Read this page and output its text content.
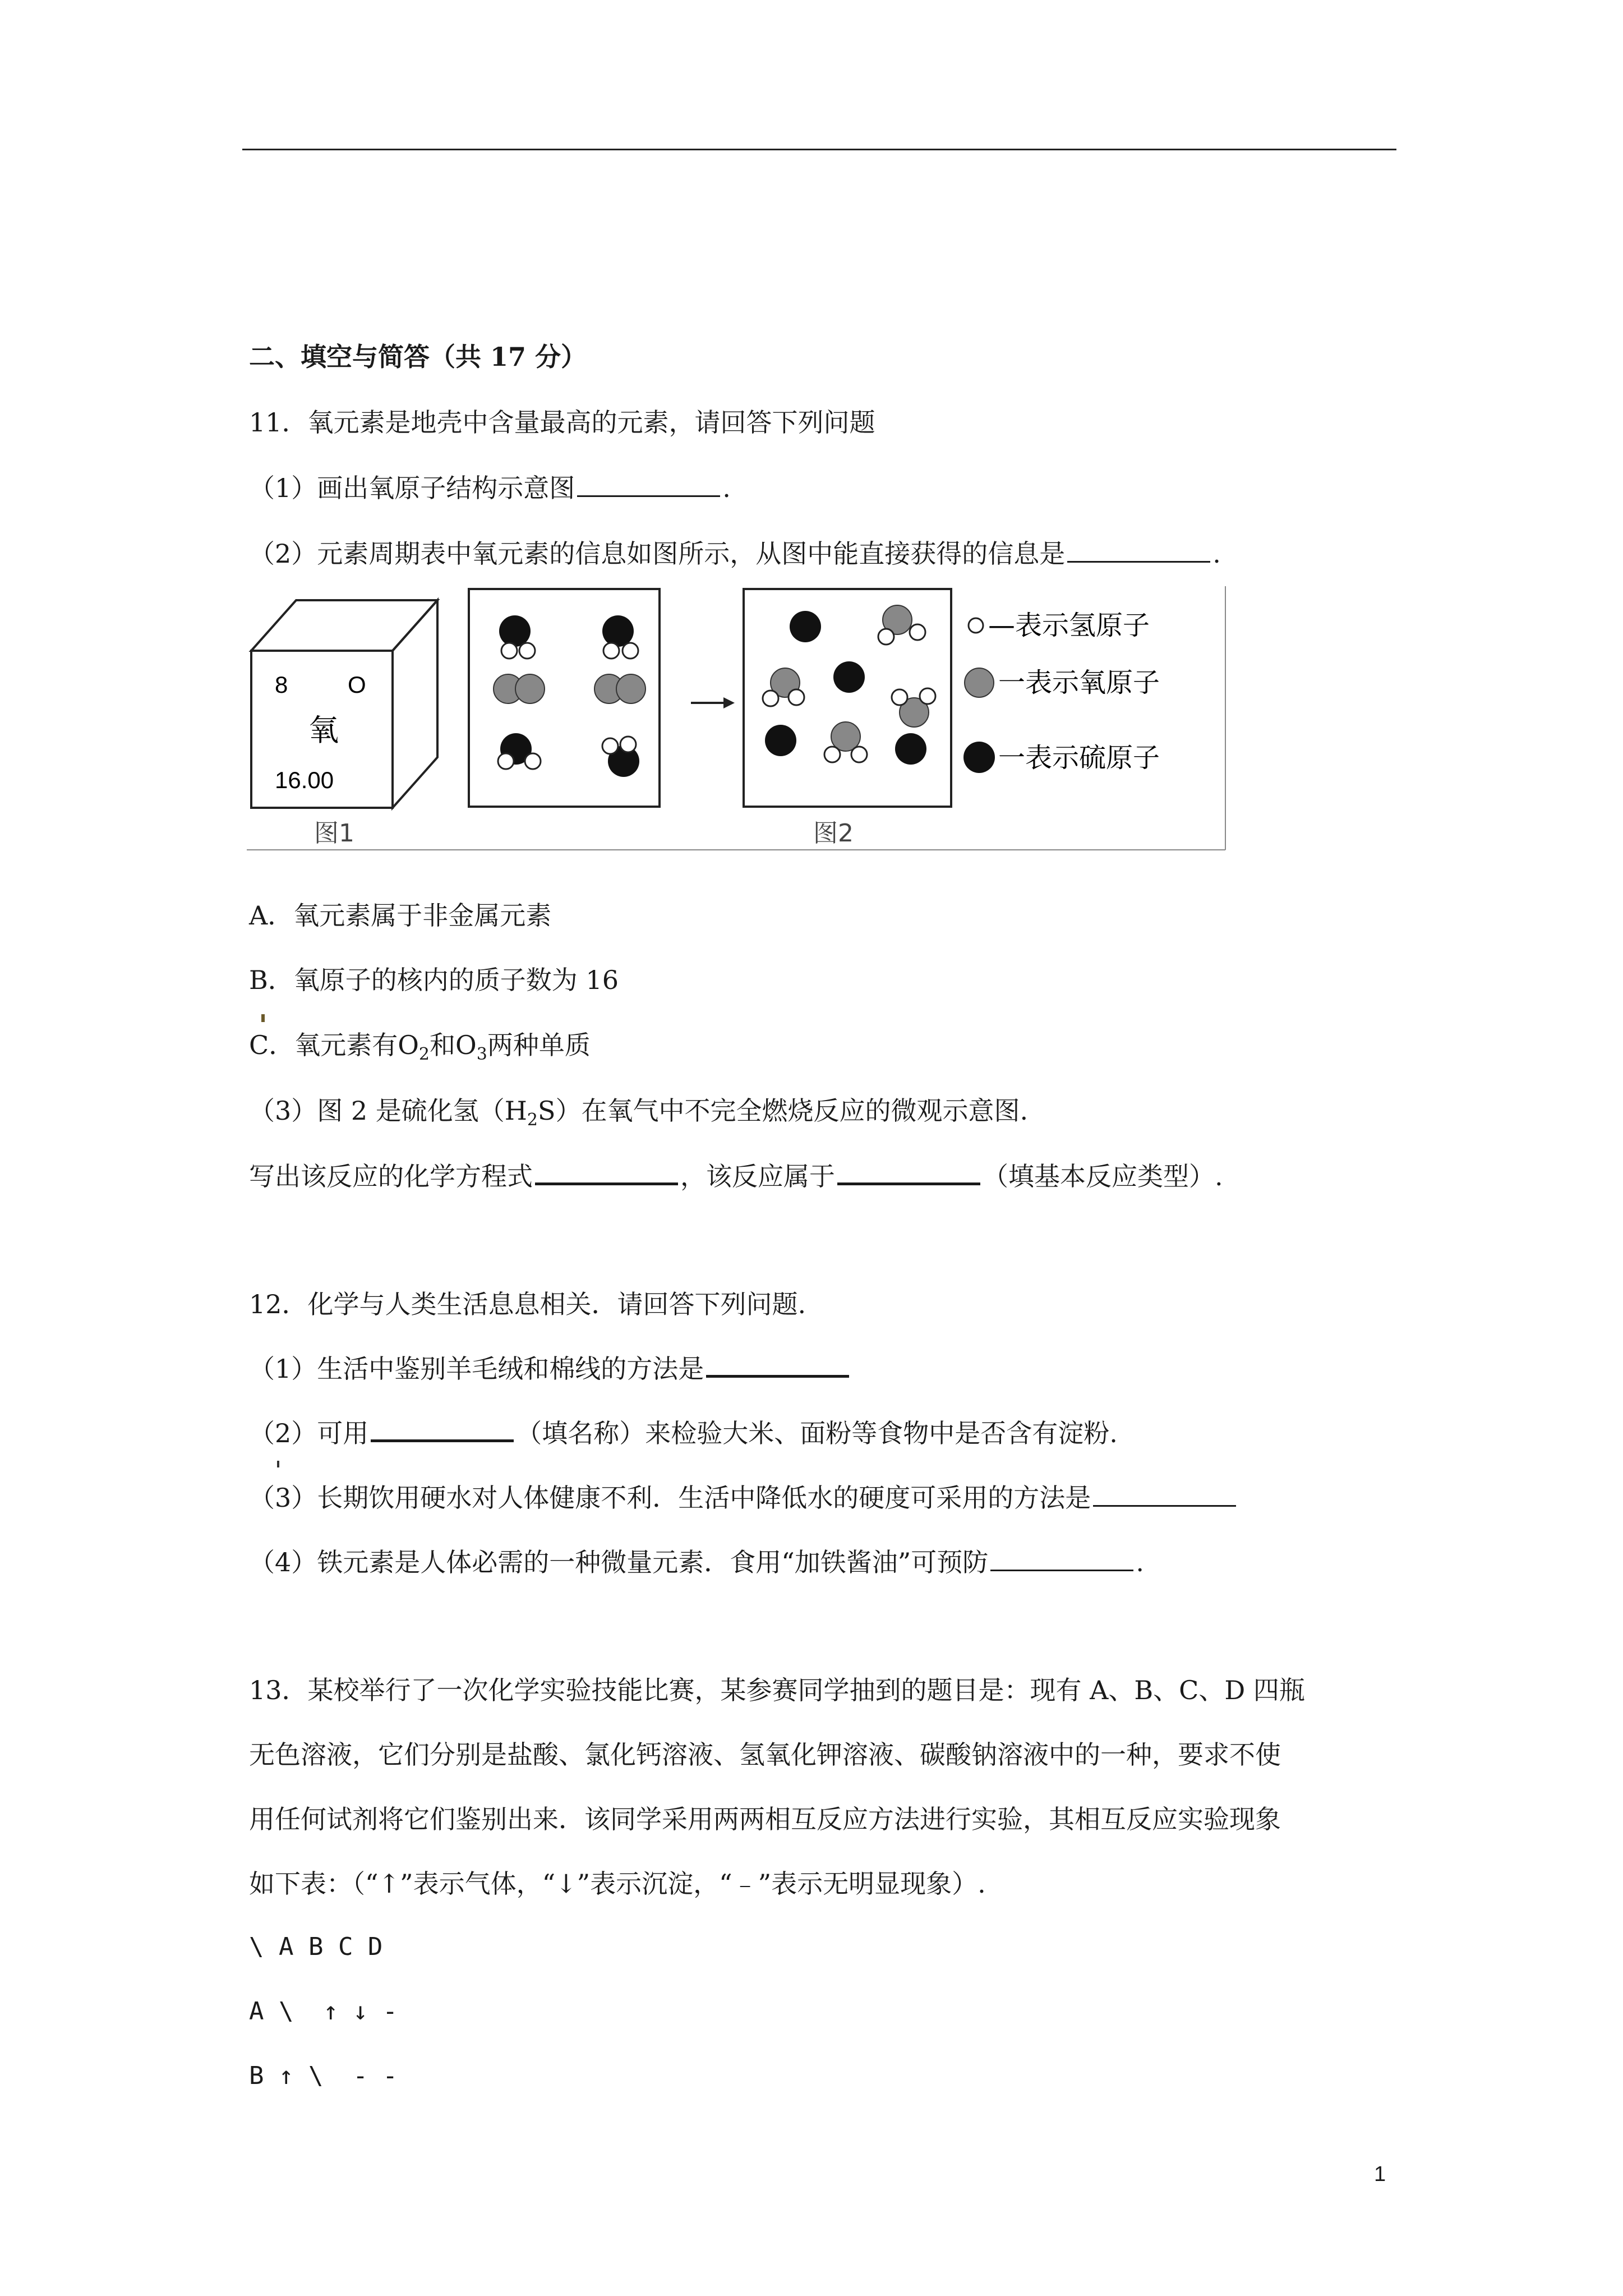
二、填空与简答（共 17 分）
11．氧元素是地壳中含量最高的元素，请回答下列问题
（1）画出氧原子结构示意图	.
（2）元素周期表中氧元素的信息如图所示，从图中能直接获得的信息是	.
8	O
氧
16.00
图1	图2
—表示氢原子
一表示氧原子
一表示硫原子
A．氧元素属于非金属元素
B．氧原子的核内的质子数为 16
C．氧元素有$O_2$和$O_3$两种单质
（3）图 2 是硫化氢$(H_2S)$在氧气中不完全燃烧反应的微观示意图.
写出该反应的化学方程式	，该反应属于	（填基本反应类型）.
12．化学与人类生活息息相关．请回答下列问题.
（1）生活中鉴别羊毛绒和棉线的方法是
（2）可用	（填名称）来检验大米、面粉等食物中是否含有淀粉.
（3）长期饮用硬水对人体健康不利．生活中降低水的硬度可采用的方法是
（4）铁元素是人体必需的一种微量元素．食用“加铁酱油”可预防	.
13．某校举行了一次化学实验技能比赛，某参赛同学抽到的题目是：现有 A、B、C、D 四瓶
无色溶液，它们分别是盐酸、氯化钙溶液、氢氧化钾溶液、碳酸钠溶液中的一种，要求不使
用任何试剂将它们鉴别出来．该同学采用两两相互反应方法进行实验，其相互反应实验现象
如下表：（“↑”表示气体，“↓”表示沉淀，“﹣”表示无明显现象）.
\ A B C D
A \  ↑ ↓ -
B ↑ \  - -
1
